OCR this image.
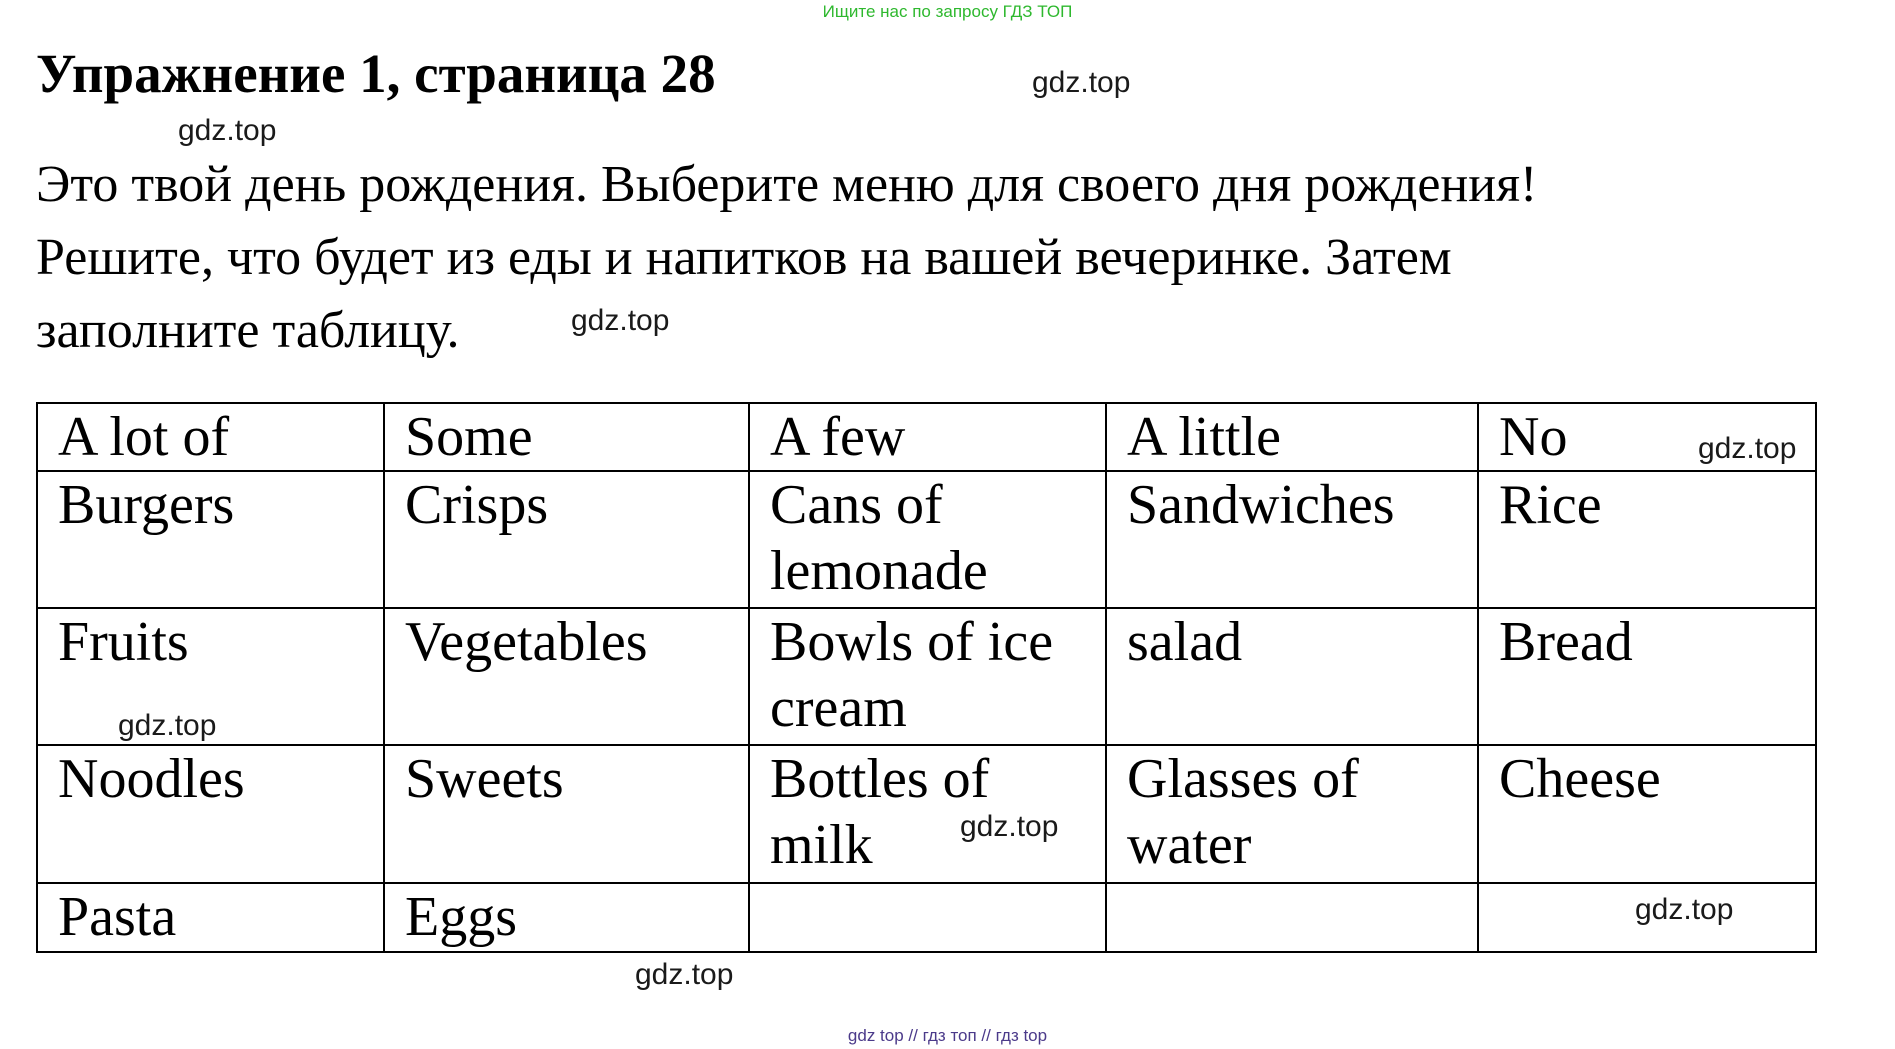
Ищите нас по запросу ГДЗ ТОП
Упражнение 1, страница 28
Это твой день рождения. Выберите меню для своего дня рождения!
Решите, что будет из еды и напитков на вашей вечеринке. Затем
заполните таблицу.
A lot of	Some	A few	A little	No
Burgers	Crisps	Cans of lemonade	Sandwiches	Rice
Fruits	Vegetables	Bowls of ice cream	salad	Bread
Noodles	Sweets	Bottles of milk	Glasses of water	Cheese
Pasta	Eggs			
gdz.top
gdz.top
gdz.top
gdz.top
gdz.top
gdz.top
gdz.top
gdz.top
gdz top // гдз топ // гдз top
